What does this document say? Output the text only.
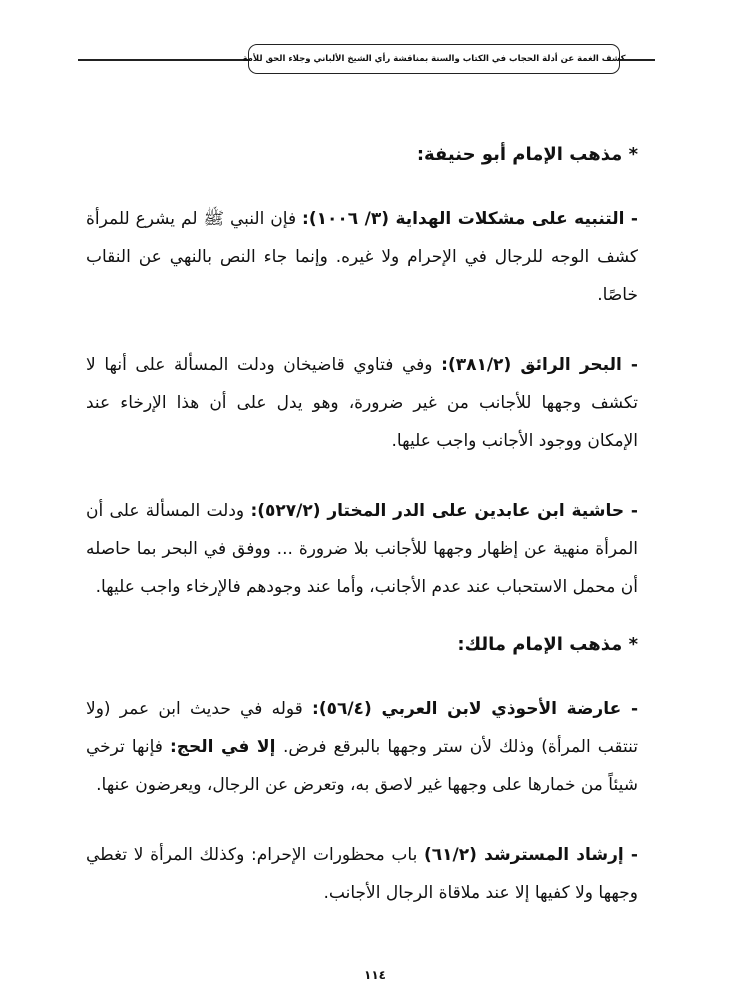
كشف الغمة عن أدلة الحجاب في الكتاب والسنة بمناقشة رأي الشيخ الألباني وجلاء الحق للأمة

* مذهب الإمام أبو حنيفة:

- التنبيه على مشكلات الهداية (٣/ ١٠٠٦): فإن النبي ﷺ لم يشرع للمرأة كشف الوجه للرجال في الإحرام ولا غيره. وإنما جاء النص بالنهي عن النقاب خاصًا.

- البحر الرائق (٣٨١/٢): وفي فتاوي قاضيخان ودلت المسألة على أنها لا تكشف وجهها للأجانب من غير ضرورة، وهو يدل على أن هذا الإرخاء عند الإمكان ووجود الأجانب واجب عليها.

- حاشية ابن عابدين على الدر المختار (٥٢٧/٢): ودلت المسألة على أن المرأة منهية عن إظهار وجهها للأجانب بلا ضرورة ... ووفق في البحر بما حاصله أن محمل الاستحباب عند عدم الأجانب، وأما عند وجودهم فالإرخاء واجب عليها.

* مذهب الإمام مالك:

- عارضة الأحوذي لابن العربي (٥٦/٤): قوله في حديث ابن عمر (ولا تنتقب المرأة) وذلك لأن ستر وجهها بالبرقع فرض. إلا في الحج: فإنها ترخي شيئاً من خمارها على وجهها غير لاصق به، وتعرض عن الرجال، ويعرضون عنها.

- إرشاد المسترشد (٦١/٢) باب محظورات الإحرام: وكذلك المرأة لا تغطي وجهها ولا كفيها إلا عند ملاقاة الرجال الأجانب.

١١٤
